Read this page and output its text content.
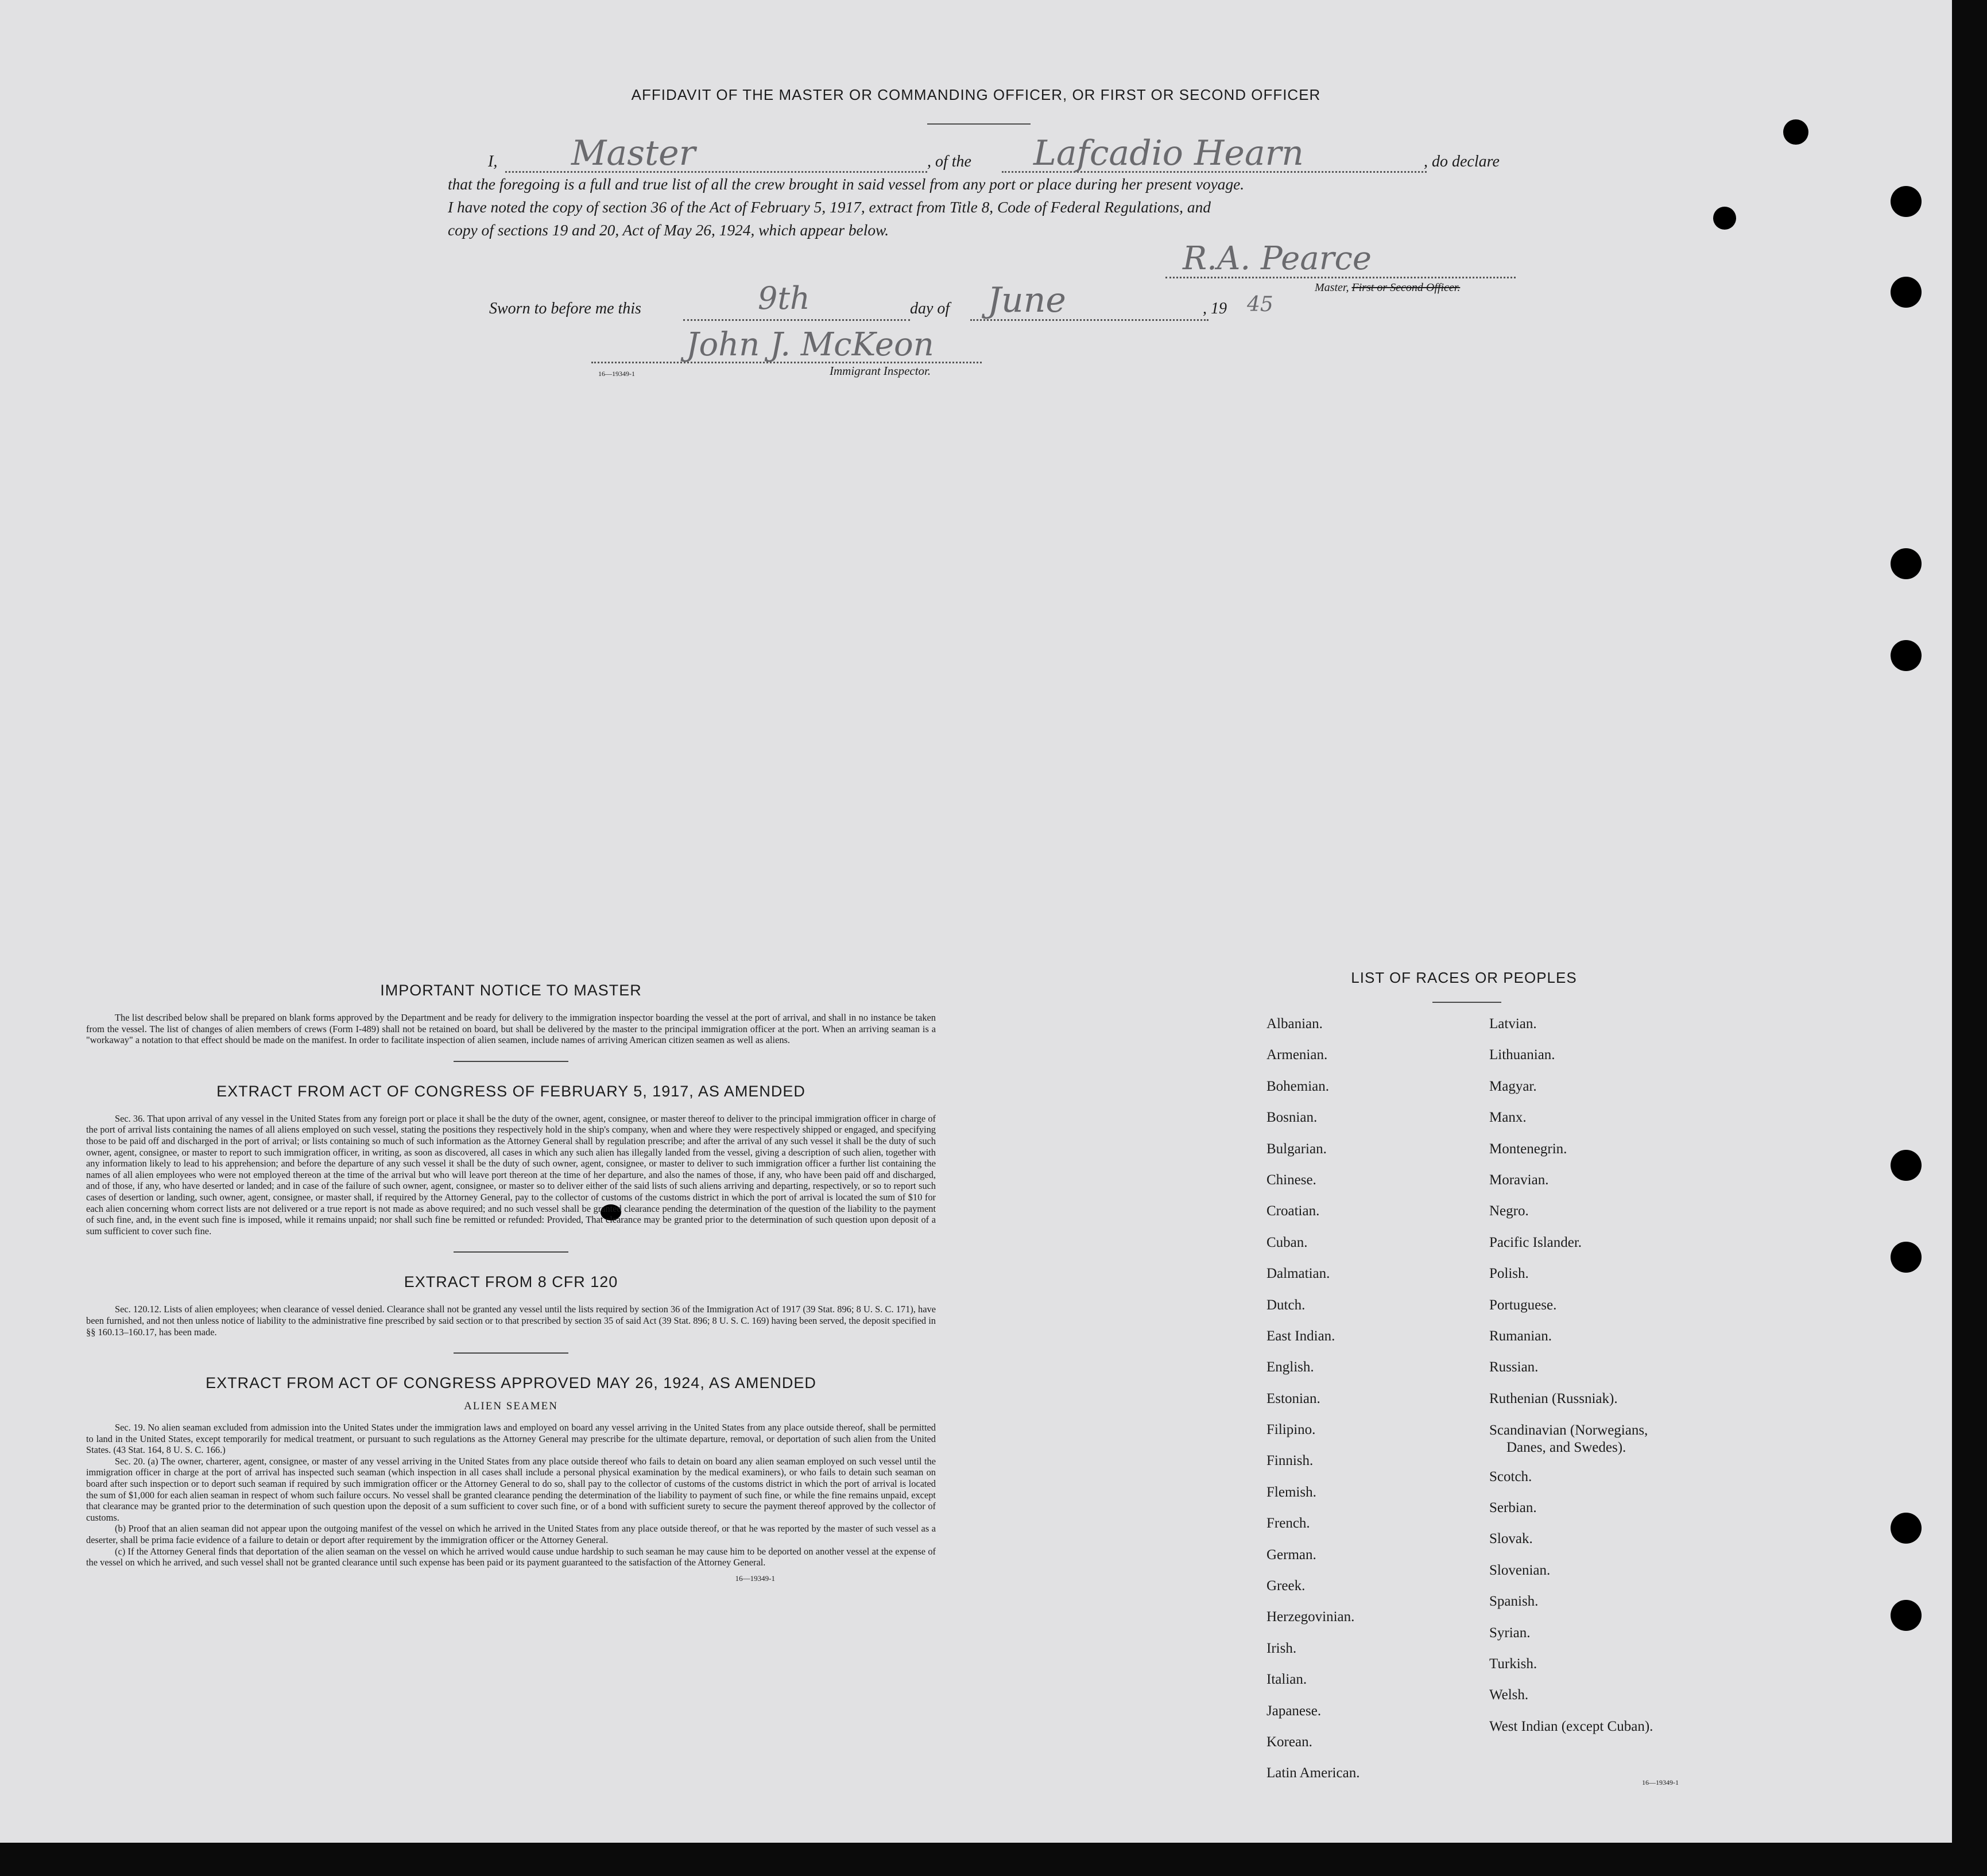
AFFIDAVIT OF THE MASTER OR COMMANDING OFFICER, OR FIRST OR SECOND OFFICER
I, Master	, of the	Lafcadio Hearn	, do declare
that the foregoing is a full and true list of all the crew brought in said vessel from any port or place during her present voyage.
I have noted the copy of section 36 of the Act of February 5, 1917, extract from Title 8, Code of Federal Regulations, and
copy of sections 19 and 20, Act of May 26, 1924, which appear below.
R.A. Pearce
Master, First or Second Officer.
Sworn to before me this	9th	day of June	, 19 45
John J. McKeon
16—19349-1	Immigrant Inspector.
IMPORTANT NOTICE TO MASTER

The list described below shall be prepared on blank forms approved by the Department and be ready for delivery to the immigration inspector boarding the vessel at the port of arrival, and shall in no instance be taken from the vessel. The list of changes of alien members of crews (Form I-489) shall not be retained on board, but shall be delivered by the master to the principal immigration officer at the port. When an arriving seaman is a "workaway" a notation to that effect should be made on the manifest. In order to facilitate inspection of alien seamen, include names of arriving American citizen seamen as well as aliens.

EXTRACT FROM ACT OF CONGRESS OF FEBRUARY 5, 1917, AS AMENDED

Sec. 36. That upon arrival of any vessel in the United States from any foreign port or place it shall be the duty of the owner, agent, consignee, or master thereof to deliver to the principal immigration officer in charge of the port of arrival lists containing the names of all aliens employed on such vessel, stating the positions they respectively hold in the ship's company, when and where they were respectively shipped or engaged, and specifying those to be paid off and discharged in the port of arrival; or lists containing so much of such information as the Attorney General shall by regulation prescribe; and after the arrival of any such vessel it shall be the duty of such owner, agent, consignee, or master to report to such immigration officer, in writing, as soon as discovered, all cases in which any such alien has illegally landed from the vessel, giving a description of such alien, together with any information likely to lead to his apprehension; and before the departure of any such vessel it shall be the duty of such owner, agent, consignee, or master to deliver to such immigration officer a further list containing the names of all alien employees who were not employed thereon at the time of the arrival but who will leave port thereon at the time of her departure, and also the names of those, if any, who have been paid off and discharged, and of those, if any, who have deserted or landed; and in case of the failure of such owner, agent, consignee, or master so to deliver either of the said lists of such aliens arriving and departing, respectively, or so to report such cases of desertion or landing, such owner, agent, consignee, or master shall, if required by the Attorney General, pay to the collector of customs of the customs district in which the port of arrival is located the sum of $10 for each alien concerning whom correct lists are not delivered or a true report is not made as above required; and no such vessel shall be granted clearance pending the determination of the question of the liability to the payment of such fine, and, in the event such fine is imposed, while it remains unpaid; nor shall such fine be remitted or refunded: Provided, That clearance may be granted prior to the determination of such question upon deposit of a sum sufficient to cover such fine.

EXTRACT FROM 8 CFR 120

Sec. 120.12. Lists of alien employees; when clearance of vessel denied. Clearance shall not be granted any vessel until the lists required by section 36 of the Immigration Act of 1917 (39 Stat. 896; 8 U. S. C. 171), have been furnished, and not then unless notice of liability to the administrative fine prescribed by said section or to that prescribed by section 35 of said Act (39 Stat. 896; 8 U. S. C. 169) having been served, the deposit specified in §§ 160.13–160.17, has been made.

EXTRACT FROM ACT OF CONGRESS APPROVED MAY 26, 1924, AS AMENDED
ALIEN SEAMEN

Sec. 19. No alien seaman excluded from admission into the United States under the immigration laws and employed on board any vessel arriving in the United States from any place outside thereof, shall be permitted to land in the United States, except temporarily for medical treatment, or pursuant to such regulations as the Attorney General may prescribe for the ultimate departure, removal, or deportation of such alien from the United States. (43 Stat. 164, 8 U. S. C. 166.)

Sec. 20. (a) The owner, charterer, agent, consignee, or master of any vessel arriving in the United States from any place outside thereof who fails to detain on board any alien seaman employed on such vessel until the immigration officer in charge at the port of arrival has inspected such seaman (which inspection in all cases shall include a personal physical examination by the medical examiners), or who fails to detain such seaman on board after such inspection or to deport such seaman if required by such immigration officer or the Attorney General to do so, shall pay to the collector of customs of the customs district in which the port of arrival is located the sum of $1,000 for each alien seaman in respect of whom such failure occurs. No vessel shall be granted clearance pending the determination of the liability to payment of such fine, or while the fine remains unpaid, except that clearance may be granted prior to the determination of such question upon the deposit of a sum sufficient to cover such fine, or of a bond with sufficient surety to secure the payment thereof approved by the collector of customs.

(b) Proof that an alien seaman did not appear upon the outgoing manifest of the vessel on which he arrived in the United States from any place outside thereof, or that he was reported by the master of such vessel as a deserter, shall be prima facie evidence of a failure to detain or deport after requirement by the immigration officer or the Attorney General.

(c) If the Attorney General finds that deportation of the alien seaman on the vessel on which he arrived would cause undue hardship to such seaman he may cause him to be deported on another vessel at the expense of the vessel on which he arrived, and such vessel shall not be granted clearance until such expense has been paid or its payment guaranteed to the satisfaction of the Attorney General.

16—19349-1
LIST OF RACES OR PEOPLES
Albanian.
Armenian.
Bohemian.
Bosnian.
Bulgarian.
Chinese.
Croatian.
Cuban.
Dalmatian.
Dutch.
East Indian.
English.
Estonian.
Filipino.
Finnish.
Flemish.
French.
German.
Greek.
Herzegovinian.
Irish.
Italian.
Japanese.
Korean.
Latin American.
Latvian.
Lithuanian.
Magyar.
Manx.
Montenegrin.
Moravian.
Negro.
Pacific Islander.
Polish.
Portuguese.
Rumanian.
Russian.
Ruthenian (Russniak).
Scandinavian (Norwegians,
Danes, and Swedes).
Scotch.
Serbian.
Slovak.
Slovenian.
Spanish.
Syrian.
Turkish.
Welsh.
West Indian (except Cuban).
16—19349-1
